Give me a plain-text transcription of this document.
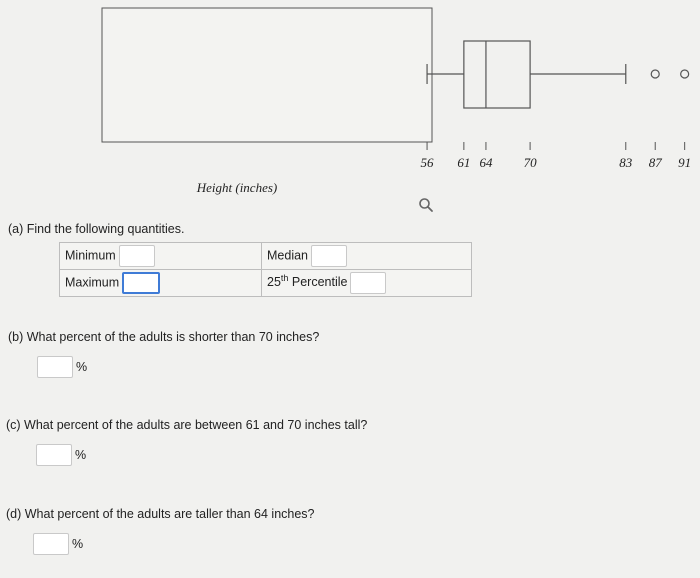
56	61 64	70	83	87	91
Height (inches)
(a) Find the following quantities.
Minimum	Median
Maximum	25th Percentile
(b) What percent of the adults is shorter than 70 inches?
%
(c) What percent of the adults are between 61 and 70 inches tall?
%
(d) What percent of the adults are taller than 64 inches?
%
